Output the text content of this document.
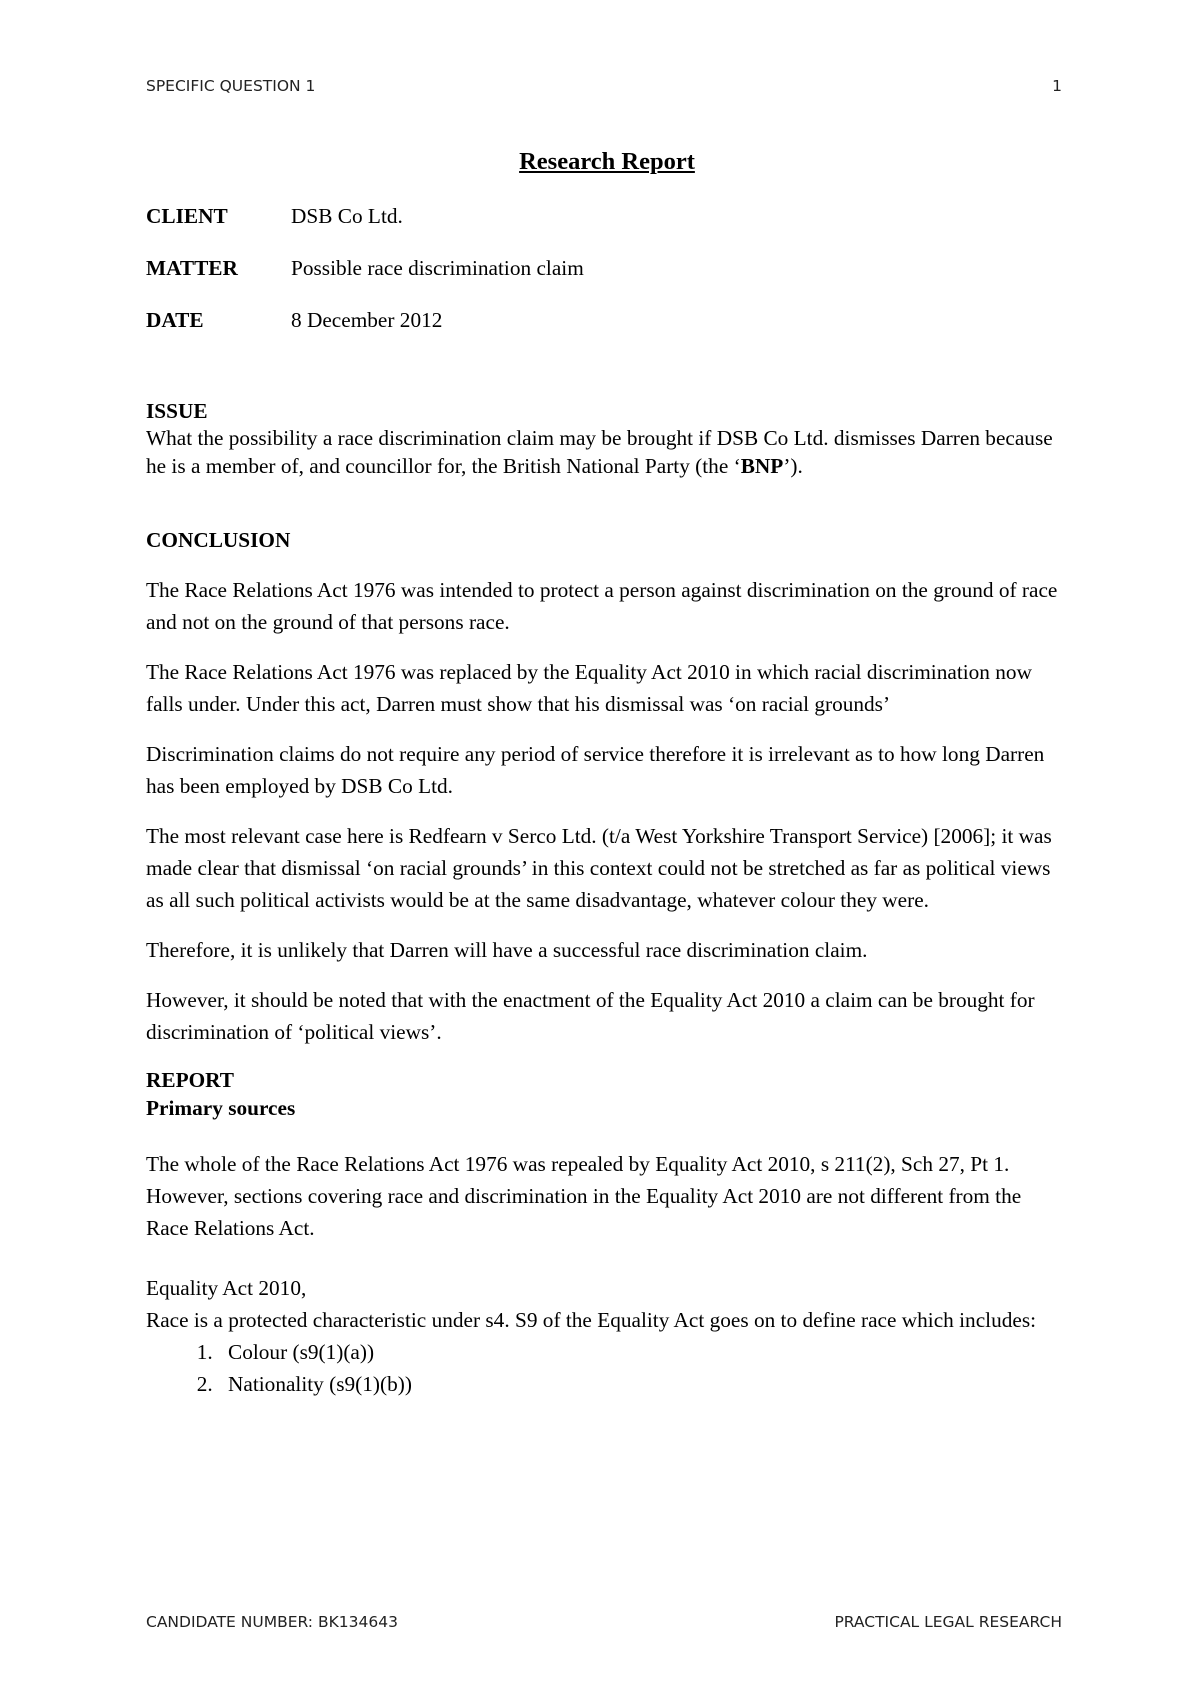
SPECIFIC QUESTION 1	1
Research Report
CLIENT	DSB Co Ltd.
MATTER	Possible race discrimination claim
DATE	8 December 2012
ISSUE

What the possibility a race discrimination claim may be brought if DSB Co Ltd. dismisses Darren because he is a member of, and councillor for, the British National Party (the ‘BNP’).

CONCLUSION

The Race Relations Act 1976 was intended to protect a person against discrimination on the ground of race and not on the ground of that persons race.

The Race Relations Act 1976 was replaced by the Equality Act 2010 in which racial discrimination now falls under. Under this act, Darren must show that his dismissal was ‘on racial grounds’

Discrimination claims do not require any period of service therefore it is irrelevant as to how long Darren has been employed by DSB Co Ltd.

The most relevant case here is Redfearn v Serco Ltd. (t/a West Yorkshire Transport Service) [2006]; it was made clear that dismissal ‘on racial grounds’ in this context could not be stretched as far as political views as all such political activists would be at the same disadvantage, whatever colour they were.

Therefore, it is unlikely that Darren will have a successful race discrimination claim.

However, it should be noted that with the enactment of the Equality Act 2010 a claim can be brought for discrimination of ‘political views’.

REPORT
Primary sources

The whole of the Race Relations Act 1976 was repealed by Equality Act 2010, s 211(2), Sch 27, Pt 1. However, sections covering race and discrimination in the Equality Act 2010 are not different from the Race Relations Act.

Equality Act 2010,

Race is a protected characteristic under s4. S9 of the Equality Act goes on to define race which includes:

1. Colour (s9(1)(a))
2. Nationality (s9(1)(b))
CANDIDATE NUMBER: BK134643	PRACTICAL LEGAL RESEARCH
